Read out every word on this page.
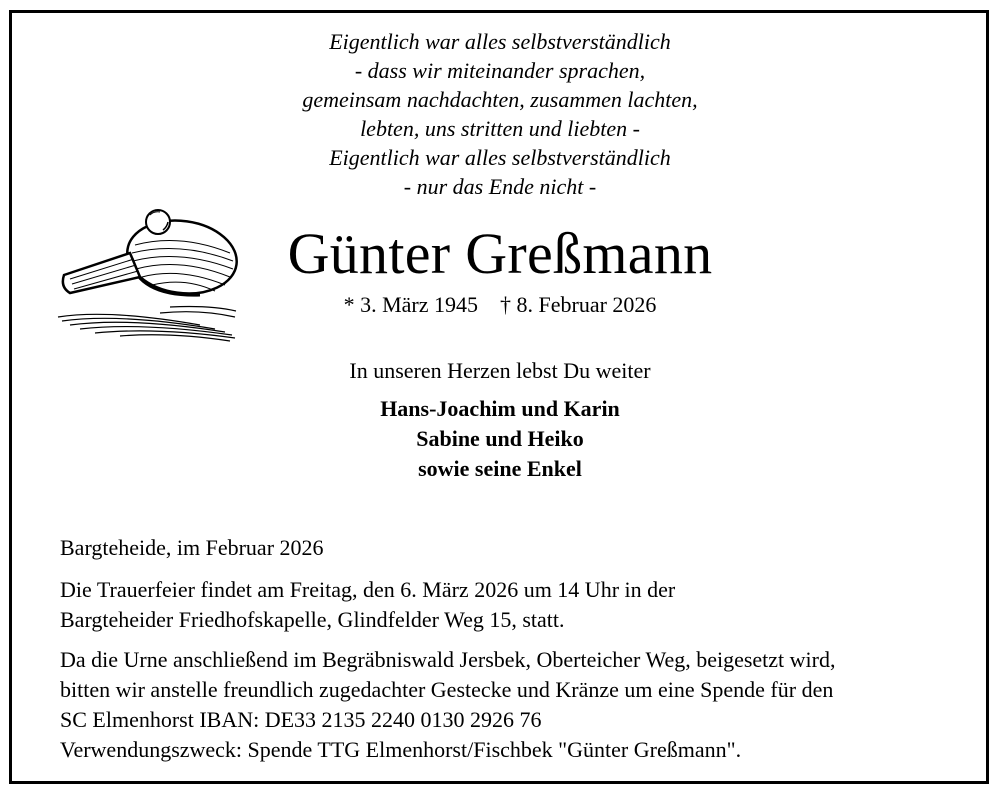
Eigentlich war alles selbstverständlich
- dass wir miteinander sprachen,
gemeinsam nachdachten, zusammen lachten,
lebten, uns stritten und liebten -
Eigentlich war alles selbstverständlich
- nur das Ende nicht -
Günter Greßmann
* 3. März 1945 † 8. Februar 2026
In unseren Herzen lebst Du weiter
Hans-Joachim und Karin
Sabine und Heiko
sowie seine Enkel
Bargteheide, im Februar 2026
Die Trauerfeier findet am Freitag, den 6. März 2026 um 14 Uhr in der
Bargteheider Friedhofskapelle, Glindfelder Weg 15, statt.
Da die Urne anschließend im Begräbniswald Jersbek, Oberteicher Weg, beigesetzt wird,
bitten wir anstelle freundlich zugedachter Gestecke und Kränze um eine Spende für den
SC Elmenhorst IBAN: DE33 2135 2240 0130 2926 76
Verwendungszweck: Spende TTG Elmenhorst/Fischbek "Günter Greßmann".
